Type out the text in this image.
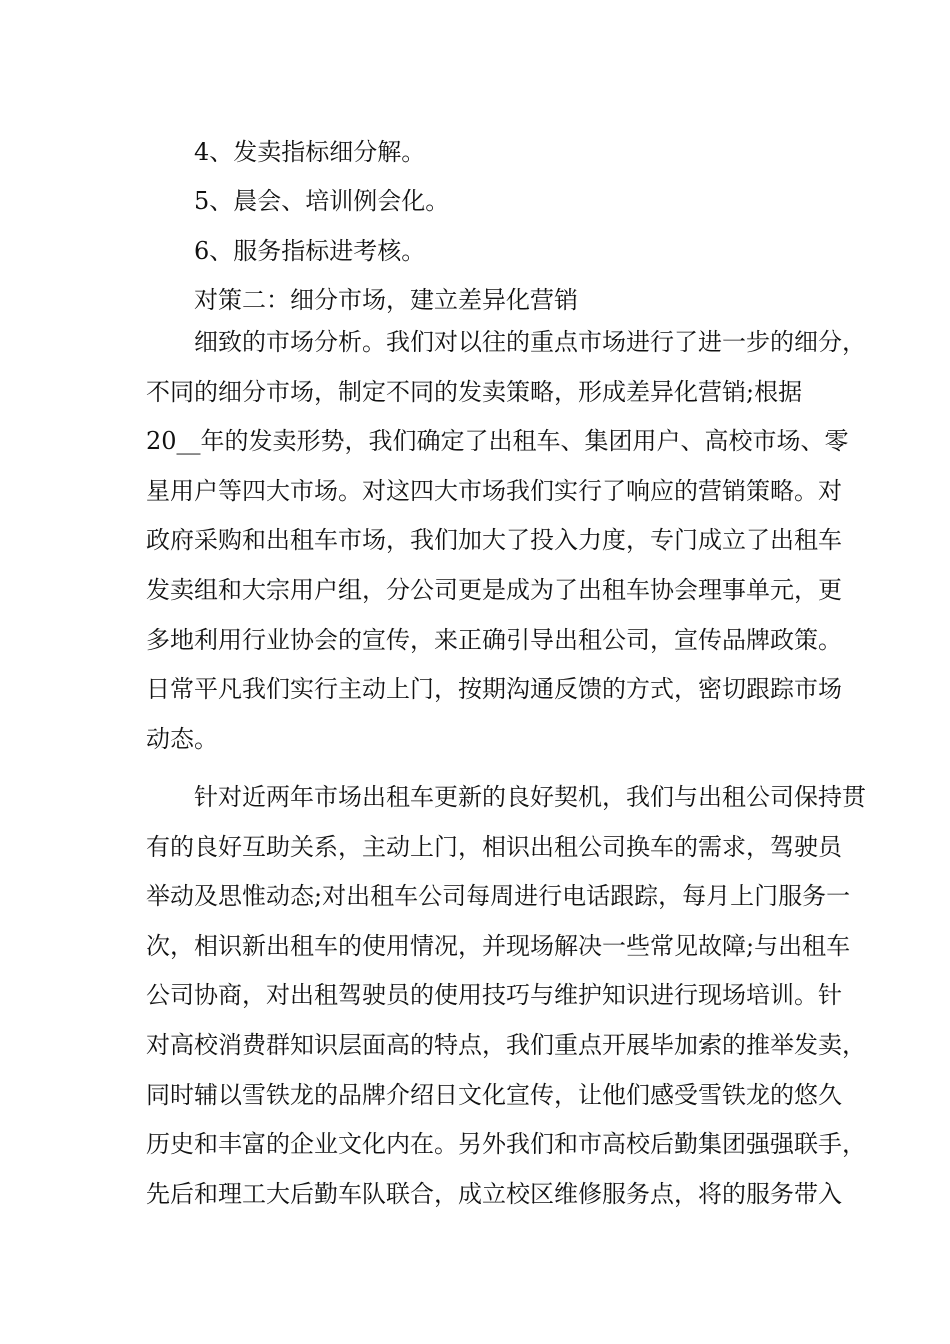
4、发卖指标细分解。
5、晨会、培训例会化。
6、服务指标进考核。
对策二：细分市场，建立差异化营销
细致的市场分析。我们对以往的重点市场进行了进一步的细分，
不同的细分市场，制定不同的发卖策略，形成差异化营销;根据
20__年的发卖形势，我们确定了出租车、集团用户、高校市场、零
星用户等四大市场。对这四大市场我们实行了响应的营销策略。对
政府采购和出租车市场，我们加大了投入力度，专门成立了出租车
发卖组和大宗用户组，分公司更是成为了出租车协会理事单元，更
多地利用行业协会的宣传，来正确引导出租公司，宣传品牌政策。
日常平凡我们实行主动上门，按期沟通反馈的方式，密切跟踪市场
动态。
针对近两年市场出租车更新的良好契机，我们与出租公司保持贯
有的良好互助关系，主动上门，相识出租公司换车的需求，驾驶员
举动及思惟动态;对出租车公司每周进行电话跟踪，每月上门服务一
次，相识新出租车的使用情况，并现场解决一些常见故障;与出租车
公司协商，对出租驾驶员的使用技巧与维护知识进行现场培训。针
对高校消费群知识层面高的特点，我们重点开展毕加索的推举发卖，
同时辅以雪铁龙的品牌介绍日文化宣传，让他们感受雪铁龙的悠久
历史和丰富的企业文化内在。另外我们和市高校后勤集团强强联手，
先后和理工大后勤车队联合，成立校区维修服务点，将的服务带入
